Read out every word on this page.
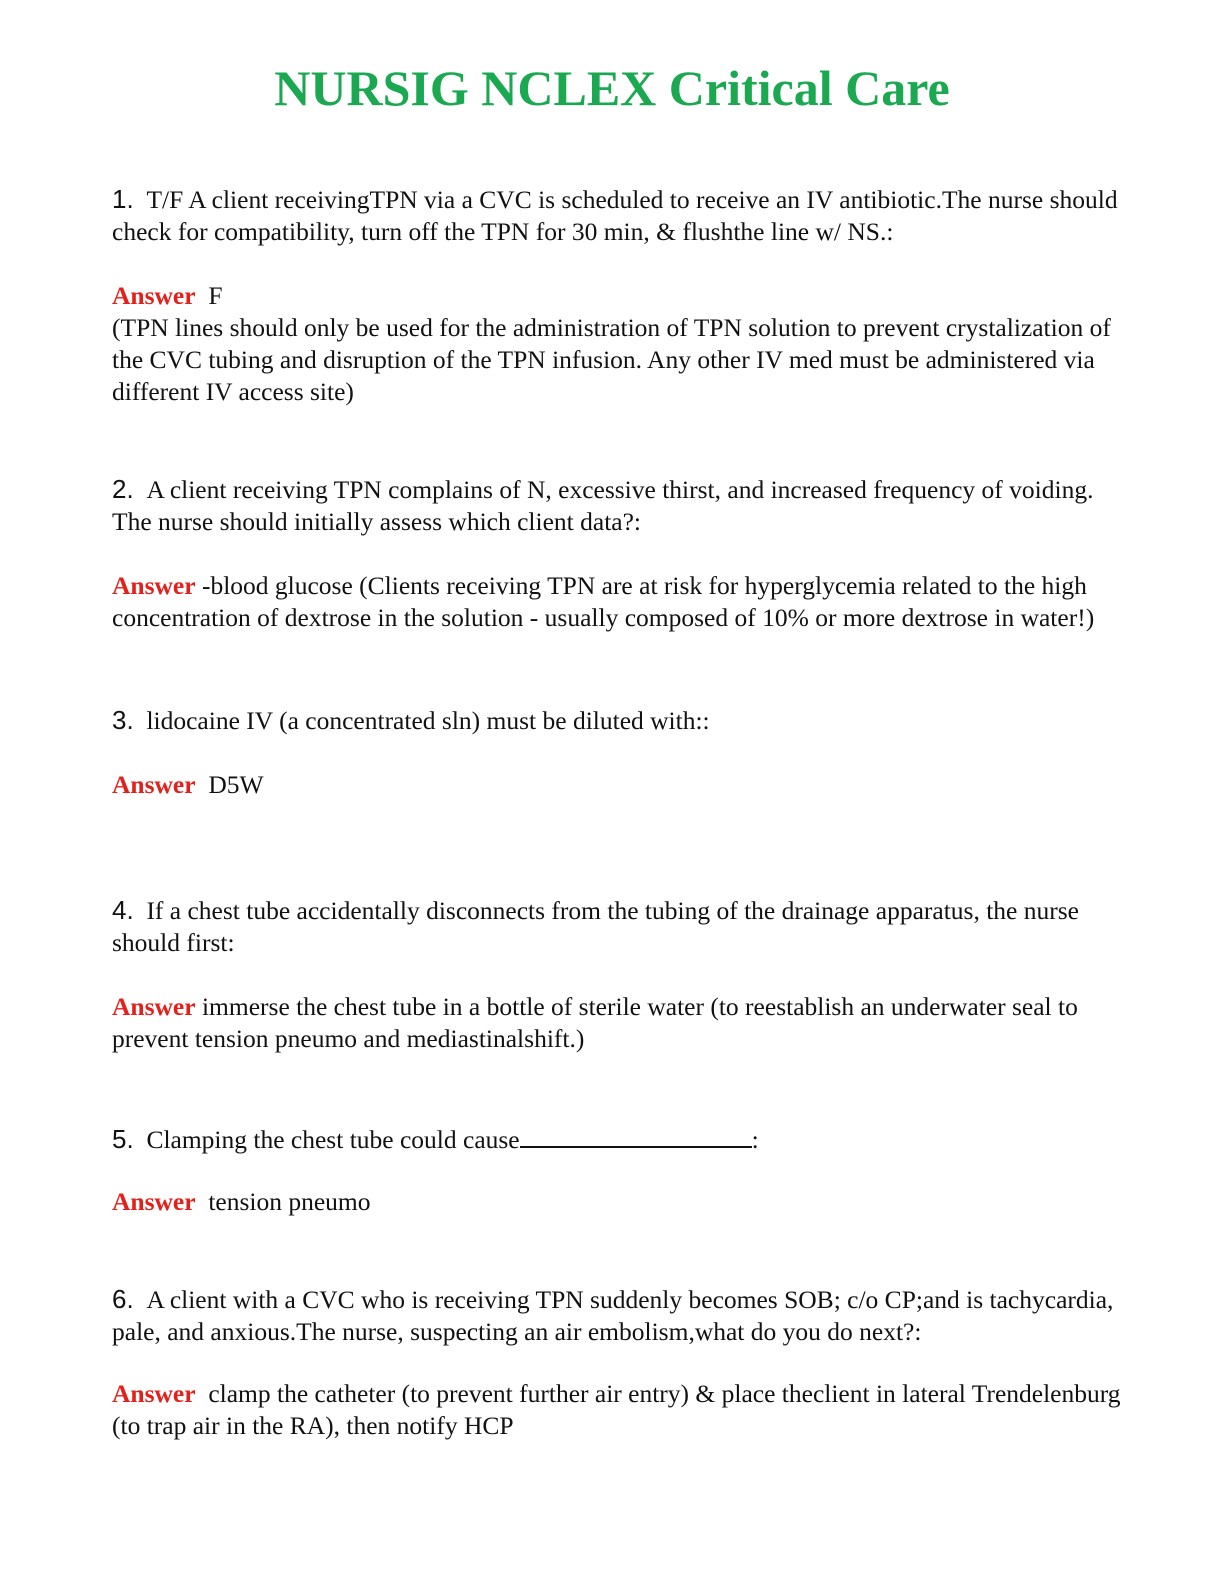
NURSIG NCLEX Critical Care

1. T/F A client receivingTPN via a CVC is scheduled to receive an IV antibiotic.The nurse should check for compatibility, turn off the TPN for 30 min, & flushthe line w/ NS.:

Answer F

(TPN lines should only be used for the administration of TPN solution to prevent crystalization of the CVC tubing and disruption of the TPN infusion. Any other IV med must be administered via different IV access site)

2. A client receiving TPN complains of N, excessive thirst, and increased frequency of voiding. The nurse should initially assess which client data?:

Answer -blood glucose (Clients receiving TPN are at risk for hyperglycemia related to the high concentration of dextrose in the solution - usually composed of 10% or more dextrose in water!)

3. lidocaine IV (a concentrated sln) must be diluted with::

Answer D5W

4. If a chest tube accidentally disconnects from the tubing of the drainage apparatus, the nurse should first:

Answer immerse the chest tube in a bottle of sterile water (to reestablish an underwater seal to prevent tension pneumo and mediastinalshift.)

5. Clamping the chest tube could cause	:

Answer tension pneumo

6. A client with a CVC who is receiving TPN suddenly becomes SOB; c/o CP;and is tachycardia, pale, and anxious.The nurse, suspecting an air embolism,what do you do next?:

Answer clamp the catheter (to prevent further air entry) & place theclient in lateral Trendelenburg (to trap air in the RA), then notify HCP
